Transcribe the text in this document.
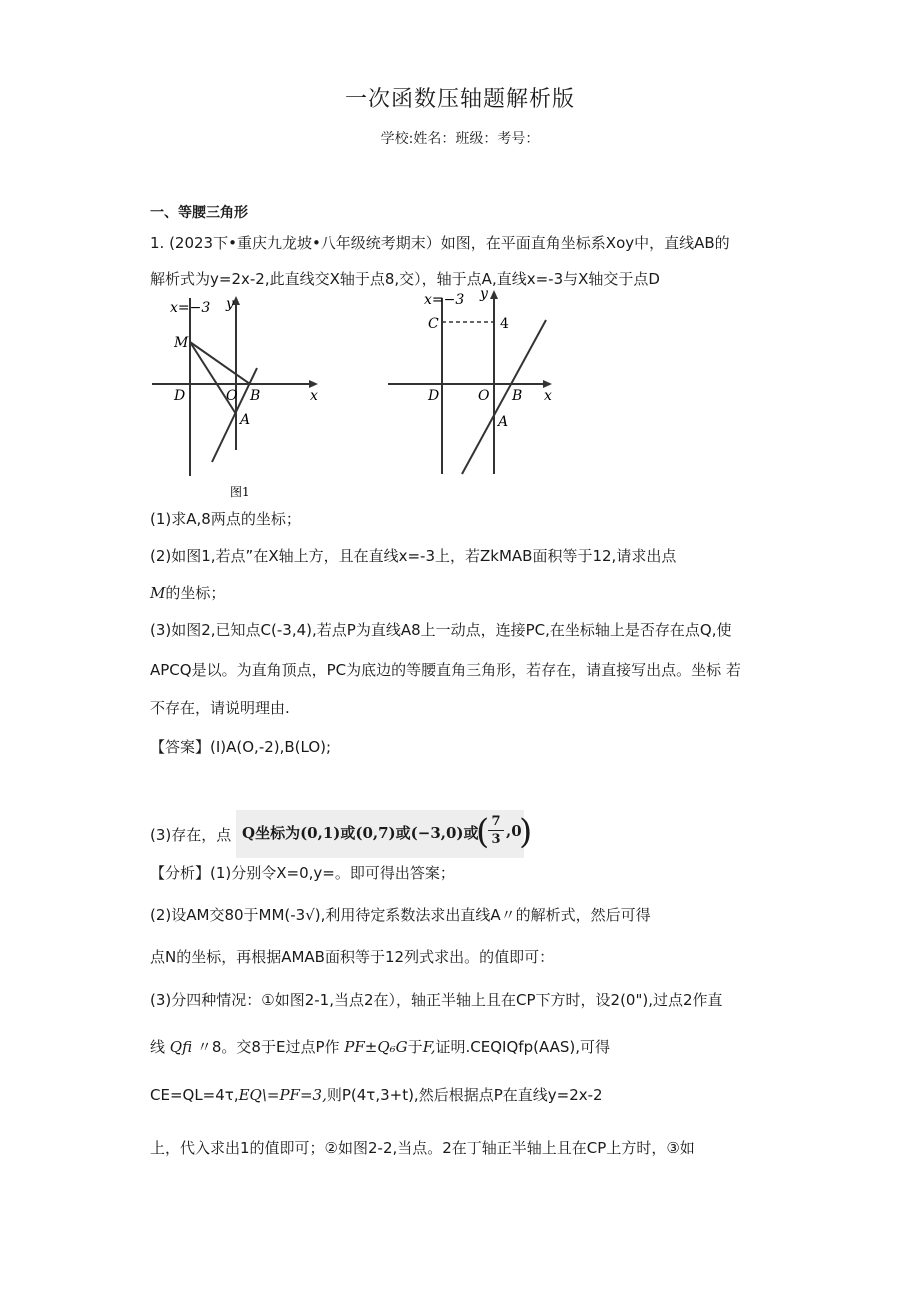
一次函数压轴题解析版
学校:姓名：班级：考号：
一、等腰三角形
1. (2023下•重庆九龙坡•八年级统考期末）如图，在平面直角坐标系Xoy中，直线AB的
解析式为y=2x-2,此直线交X轴于点8,交），轴于点A,直线x=-3与X轴交于点D
x=−3 y
x
M
D	O B
A
图1
x=−3 y
x
C	4
D	O B
A
(1)求A,8两点的坐标；
(2)如图1,若点”在X轴上方，且在直线x=-3上，若ZkMAB面积等于12,请求出点
M的坐标；
(3)如图2,已知点C(-3,4),若点P为直线A8上一动点，连接PC,在坐标轴上是否存在点Q,使
APCQ是以。为直角顶点，PC为底边的等腰直角三角形，若存在，请直接写出点。坐标 若
不存在，请说明理由.
【答案】(I)A(O,-2),B(LO);
(3)存在，点 Q坐标为(0,1)或(0,7)或(−3,0)或
( 7
3 ,0
)
【分析】(1)分别令X=0,y=。即可得出答案；
(2)设AM交80于MM(-3√),利用待定系数法求出直线A〃的解析式，然后可得
点N的坐标，再根据AMAB面积等于12列式求出。的值即可：
(3)分四种情况：①如图2-1,当点2在），轴正半轴上且在CP下方时，设2(0"),过点2作直
线 Qfi 〃8。交8于E过点P作 PF±Q₆G于F,证明.CEQIQfp(AAS),可得
CE=QL=4τ,EQ\=PF=3,则P(4τ,3+t),然后根据点P在直线y=2x-2
上，代入求出1的值即可；②如图2-2,当点。2在丁轴正半轴上且在CP上方时，③如
